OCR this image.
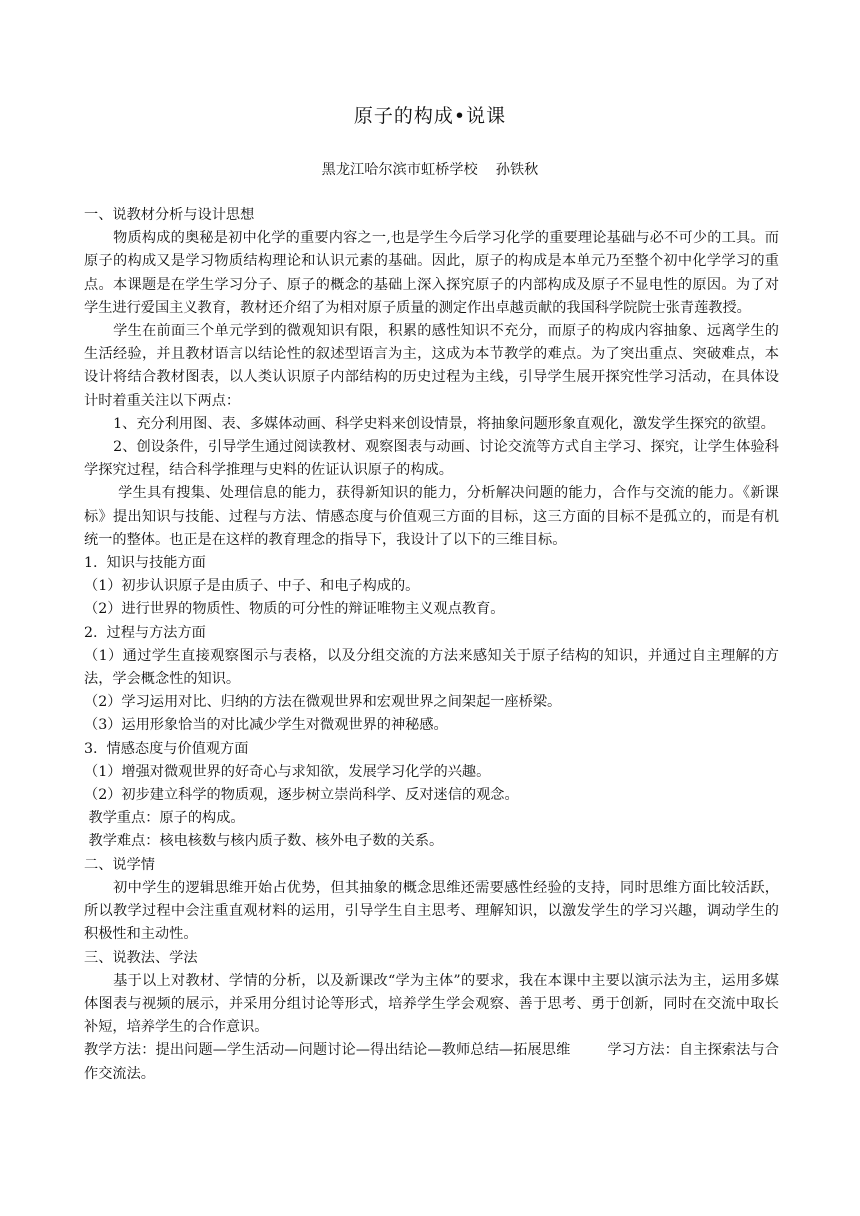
原子的构成•说课
黑龙江哈尔滨市虹桥学校    孙铁秋

一、说教材分析与设计思想

物质构成的奥秘是初中化学的重要内容之一,也是学生今后学习化学的重要理论基础与必不可少的工具。而原子的构成又是学习物质结构理论和认识元素的基础。因此，原子的构成是本单元乃至整个初中化学学习的重点。本课题是在学生学习分子、原子的概念的基础上深入探究原子的内部构成及原子不显电性的原因。为了对学生进行爱国主义教育，教材还介绍了为相对原子质量的测定作出卓越贡献的我国科学院院士张青莲教授。

学生在前面三个单元学到的微观知识有限，积累的感性知识不充分，而原子的构成内容抽象、远离学生的生活经验，并且教材语言以结论性的叙述型语言为主，这成为本节教学的难点。为了突出重点、突破难点，本设计将结合教材图表，以人类认识原子内部结构的历史过程为主线，引导学生展开探究性学习活动，在具体设计时着重关注以下两点：

1、充分利用图、表、多媒体动画、科学史料来创设情景，将抽象问题形象直观化，激发学生探究的欲望。

2、创设条件，引导学生通过阅读教材、观察图表与动画、讨论交流等方式自主学习、探究，让学生体验科学探究过程，结合科学推理与史料的佐证认识原子的构成。

学生具有搜集、处理信息的能力，获得新知识的能力，分析解决问题的能力，合作与交流的能力。《新课标》提出知识与技能、过程与方法、情感态度与价值观三方面的目标，这三方面的目标不是孤立的，而是有机统一的整体。也正是在这样的教育理念的指导下，我设计了以下的三维目标。

1.  知识与技能方面

（1）初步认识原子是由质子、中子、和电子构成的。

（2）进行世界的物质性、物质的可分性的辩证唯物主义观点教育。

2.  过程与方法方面

（1）通过学生直接观察图示与表格，以及分组交流的方法来感知关于原子结构的知识，并通过自主理解的方法，学会概念性的知识。

（2）学习运用对比、归纳的方法在微观世界和宏观世界之间架起一座桥梁。

（3）运用形象恰当的对比减少学生对微观世界的神秘感。

3.  情感态度与价值观方面

（1）增强对微观世界的好奇心与求知欲，发展学习化学的兴趣。

（2）初步建立科学的物质观，逐步树立崇尚科学、反对迷信的观念。

教学重点：原子的构成。

教学难点：核电核数与核内质子数、核外电子数的关系。

二、说学情

初中学生的逻辑思维开始占优势，但其抽象的概念思维还需要感性经验的支持，同时思维方面比较活跃，所以教学过程中会注重直观材料的运用，引导学生自主思考、理解知识，以激发学生的学习兴趣，调动学生的积极性和主动性。

三、说教法、学法

基于以上对教材、学情的分析，以及新课改“学为主体”的要求，我在本课中主要以演示法为主，运用多媒体图表与视频的展示，并采用分组讨论等形式，培养学生学会观察、善于思考、勇于创新，同时在交流中取长补短，培养学生的合作意识。

教学方法：提出问题—学生活动—问题讨论—得出结论—教师总结—拓展思维        学习方法：自主探索法与合作交流法。
